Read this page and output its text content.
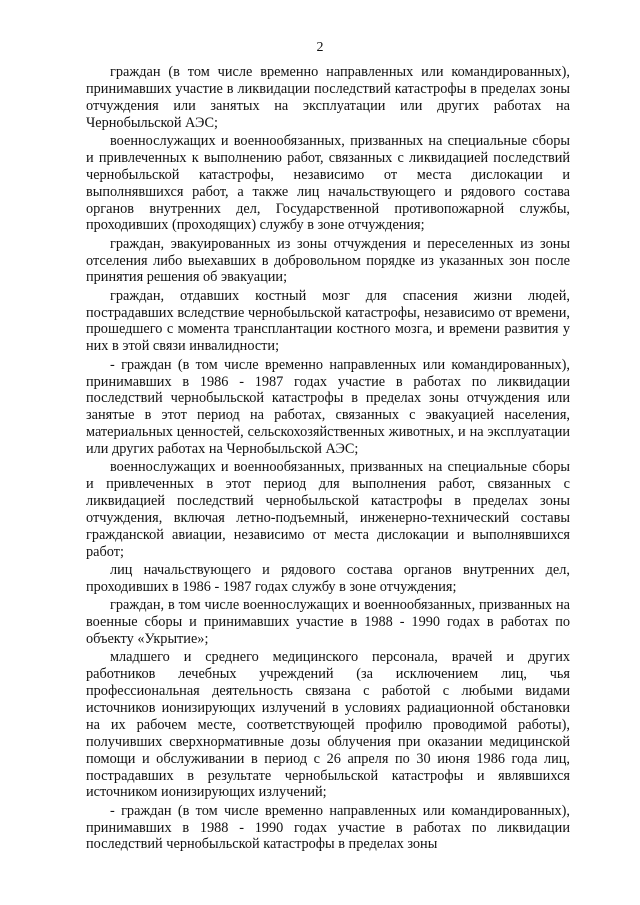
2

граждан (в том числе временно направленных или командированных), принимавших участие в ликвидации последствий катастрофы в пределах зоны отчуждения или занятых на эксплуатации или других работах на Чернобыльской АЭС;

военнослужащих и военнообязанных, призванных на специальные сборы и привлеченных к выполнению работ, связанных с ликвидацией последствий чернобыльской катастрофы, независимо от места дислокации и выполнявшихся работ, а также лиц начальствующего и рядового состава органов внутренних дел, Государственной противопожарной службы, проходивших (проходящих) службу в зоне отчуждения;

граждан, эвакуированных из зоны отчуждения и переселенных из зоны отселения либо выехавших в добровольном порядке из указанных зон после принятия решения об эвакуации;

граждан, отдавших костный мозг для спасения жизни людей, пострадавших вследствие чернобыльской катастрофы, независимо от времени, прошедшего с момента трансплантации костного мозга, и времени развития у них в этой связи инвалидности;

- граждан (в том числе временно направленных или командированных), принимавших в 1986 - 1987 годах участие в работах по ликвидации последствий чернобыльской катастрофы в пределах зоны отчуждения или занятые в этот период на работах, связанных с эвакуацией населения, материальных ценностей, сельскохозяйственных животных, и на эксплуатации или других работах на Чернобыльской АЭС;

военнослужащих и военнообязанных, призванных на специальные сборы и привлеченных в этот период для выполнения работ, связанных с ликвидацией последствий чернобыльской катастрофы в пределах зоны отчуждения, включая летно-подъемный, инженерно-технический составы гражданской авиации, независимо от места дислокации и выполнявшихся работ;

лиц начальствующего и рядового состава органов внутренних дел, проходивших в 1986 - 1987 годах службу в зоне отчуждения;

граждан, в том числе военнослужащих и военнообязанных, призванных на военные сборы и принимавших участие в 1988 - 1990 годах в работах по объекту «Укрытие»;

младшего и среднего медицинского персонала, врачей и других работников лечебных учреждений (за исключением лиц, чья профессиональная деятельность связана с работой с любыми видами источников ионизирующих излучений в условиях радиационной обстановки на их рабочем месте, соответствующей профилю проводимой работы), получивших сверхнормативные дозы облучения при оказании медицинской помощи и обслуживании в период с 26 апреля по 30 июня 1986 года лиц, пострадавших в результате чернобыльской катастрофы и являвшихся источником ионизирующих излучений;

- граждан (в том числе временно направленных или командированных), принимавших в 1988 - 1990 годах участие в работах по ликвидации последствий чернобыльской катастрофы в пределах зоны
